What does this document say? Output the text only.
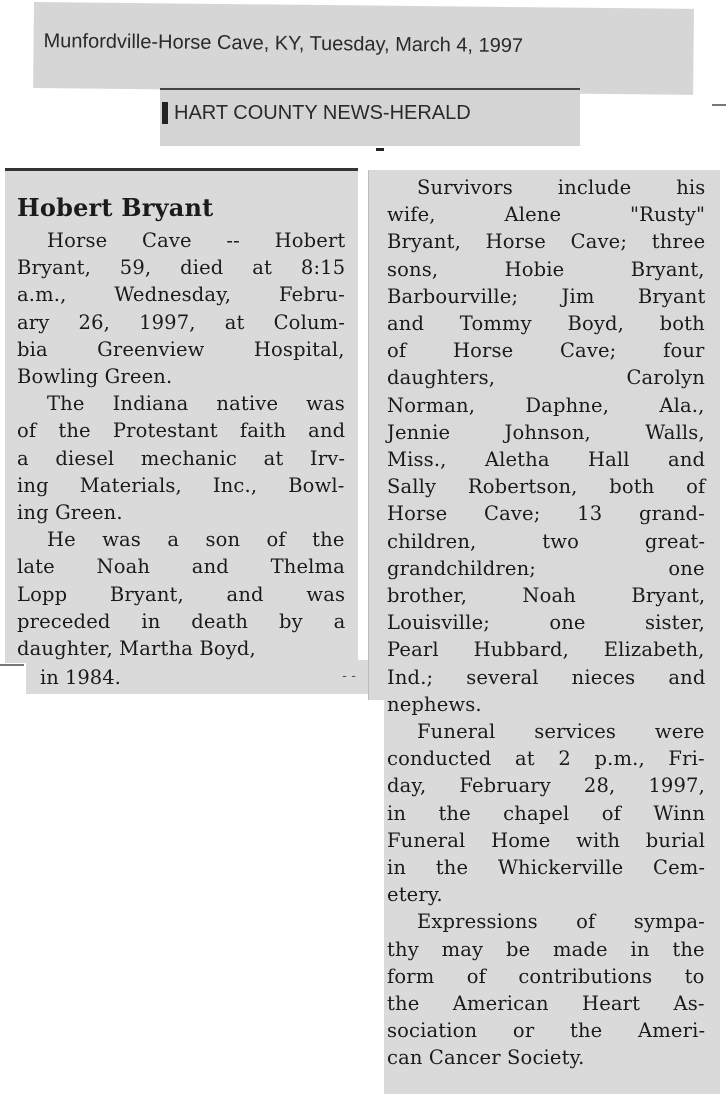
Munfordville-Horse Cave, KY, Tuesday, March 4, 1997
HART COUNTY NEWS-HERALD
Hobert Bryant
Horse Cave -- Hobert
Bryant, 59, died at 8:15
a.m., Wednesday, Febru-
ary 26, 1997, at Colum-
bia Greenview Hospital,
Bowling Green.
The Indiana native was
of the Protestant faith and
a diesel mechanic at Irv-
ing Materials, Inc., Bowl-
ing Green.
He was a son of the
late Noah and Thelma
Lopp Bryant, and was
preceded in death by a
daughter, Martha Boyd,
in 1984.	- -
Survivors include his
wife, Alene "Rusty"
Bryant, Horse Cave; three
sons, Hobie Bryant,
Barbourville; Jim Bryant
and Tommy Boyd, both
of Horse Cave; four
daughters, Carolyn
Norman, Daphne, Ala.,
Jennie Johnson, Walls,
Miss., Aletha Hall and
Sally Robertson, both of
Horse Cave; 13 grand-
children, two great-
grandchildren; one
brother, Noah Bryant,
Louisville; one sister,
Pearl Hubbard, Elizabeth,
Ind.; several nieces and
nephews.
Funeral services were
conducted at 2 p.m., Fri-
day, February 28, 1997,
in the chapel of Winn
Funeral Home with burial
in the Whickerville Cem-
etery.
Expressions of sympa-
thy may be made in the
form of contributions to
the American Heart As-
sociation or the Ameri-
can Cancer Society.
